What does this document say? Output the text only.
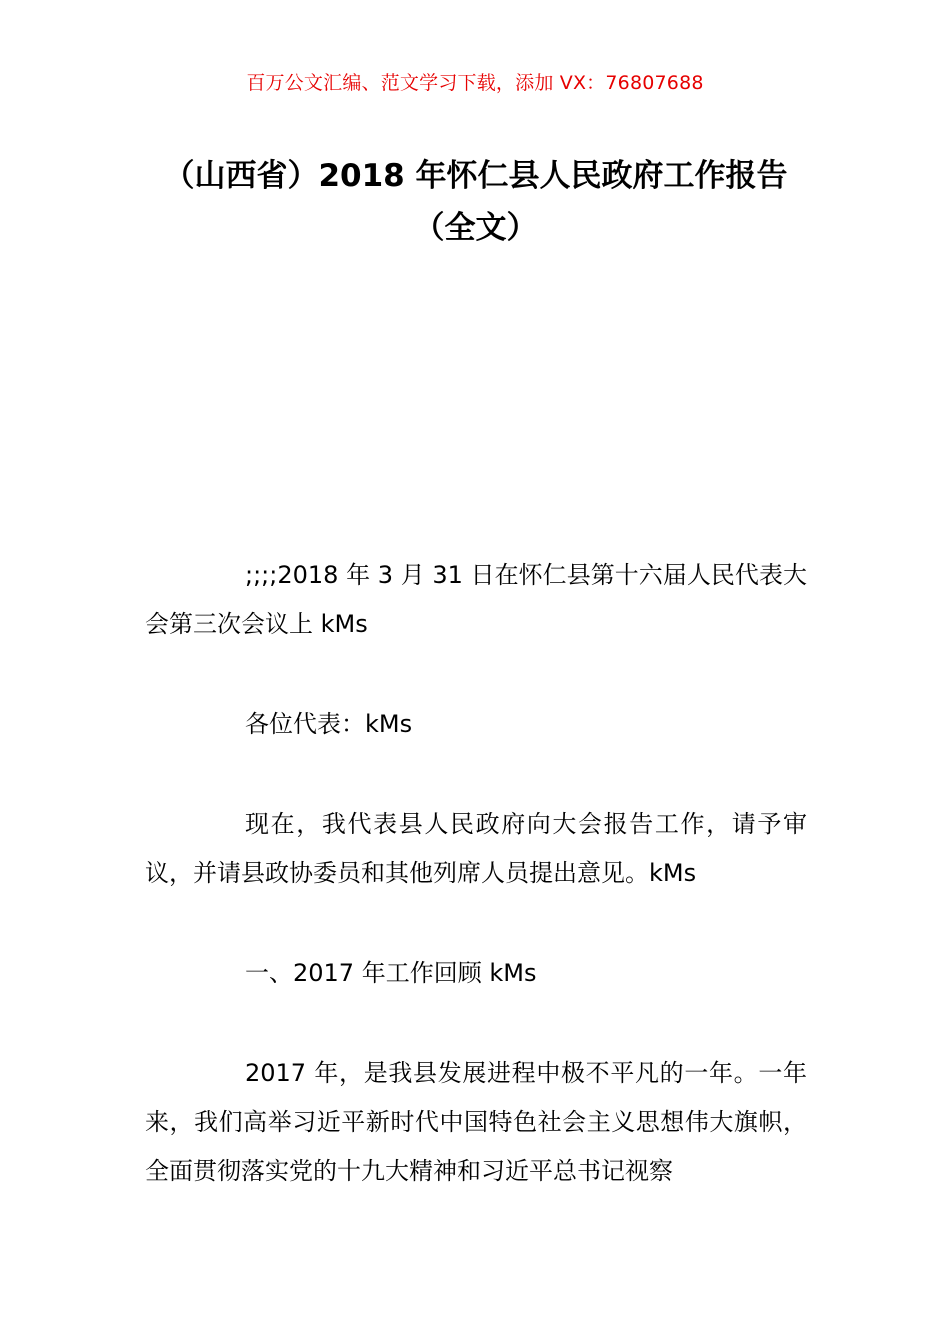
百万公文汇编、范文学习下载，添加 VX：76807688
（山西省）2018 年怀仁县人民政府工作报告（全文）

;;;;2018 年 3 月 31 日在怀仁县第十六届人民代表大会第三次会议上 kMs

各位代表：kMs

现在，我代表县人民政府向大会报告工作，请予审议，并请县政协委员和其他列席人员提出意见。kMs

一、2017 年工作回顾 kMs

2017 年，是我县发展进程中极不平凡的一年。一年来，我们高举习近平新时代中国特色社会主义思想伟大旗帜，全面贯彻落实党的十九大精神和习近平总书记视察
